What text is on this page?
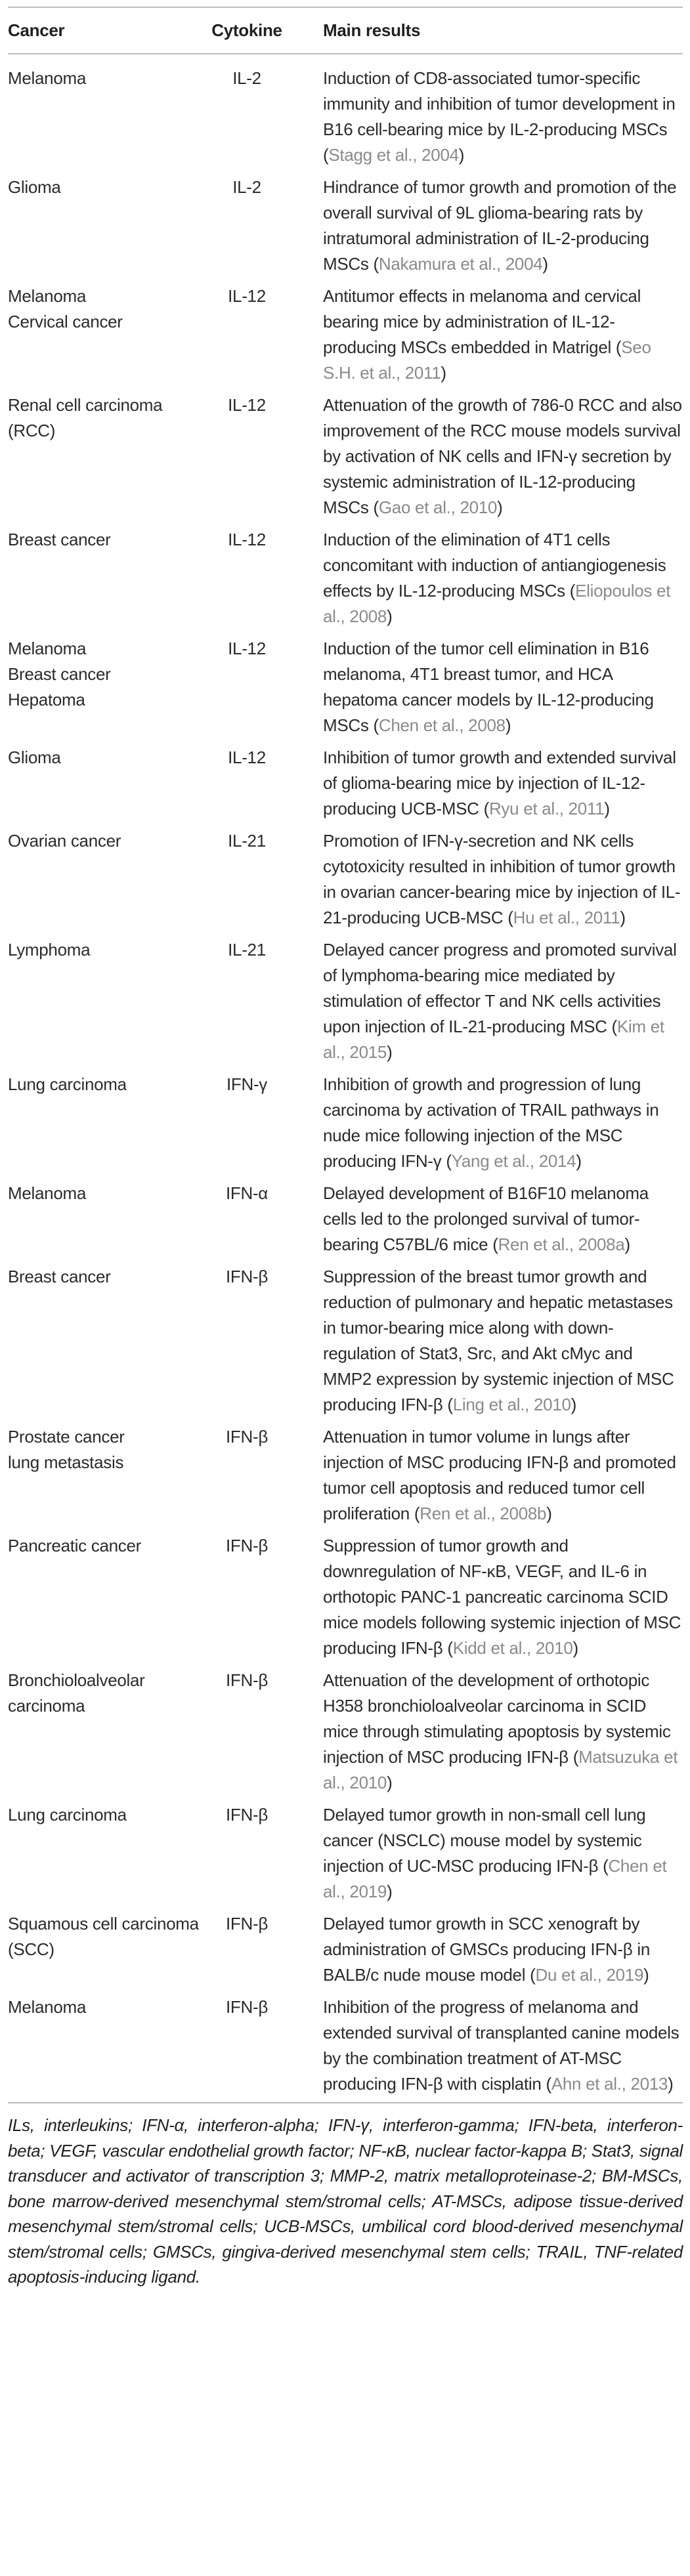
Cancer	Cytokine		Main results

Melanoma	IL-2		Induction of CD8-associated tumor-specific immunity and inhibition of tumor development in B16 cell-bearing mice by IL-2-producing MSCs (Stagg et al., 2004)

Glioma	IL-2		Hindrance of tumor growth and promotion of the overall survival of 9L glioma-bearing rats by intratumoral administration of IL-2-producing MSCs (Nakamura et al., 2004)

Melanoma
Cervical cancer	IL-12		Antitumor effects in melanoma and cervical bearing mice by administration of IL-12-producing MSCs embedded in Matrigel (Seo S.H. et al., 2011)

Renal cell carcinoma (RCC)	IL-12		Attenuation of the growth of 786-0 RCC and also improvement of the RCC mouse models survival by activation of NK cells and IFN-γ secretion by systemic administration of IL-12-producing MSCs (Gao et al., 2010)

Breast cancer	IL-12		Induction of the elimination of 4T1 cells concomitant with induction of antiangiogenesis effects by IL-12-producing MSCs (Eliopoulos et al., 2008)

Melanoma
Breast cancer
Hepatoma	IL-12		Induction of the tumor cell elimination in B16 melanoma, 4T1 breast tumor, and HCA hepatoma cancer models by IL-12-producing MSCs (Chen et al., 2008)

Glioma	IL-12		Inhibition of tumor growth and extended survival of glioma-bearing mice by injection of IL-12-producing UCB-MSC (Ryu et al., 2011)

Ovarian cancer	IL-21		Promotion of IFN-γ-secretion and NK cells cytotoxicity resulted in inhibition of tumor growth in ovarian cancer-bearing mice by injection of IL-21-producing UCB-MSC (Hu et al., 2011)

Lymphoma	IL-21		Delayed cancer progress and promoted survival of lymphoma-bearing mice mediated by stimulation of effector T and NK cells activities upon injection of IL-21-producing MSC (Kim et al., 2015)

Lung carcinoma	IFN-γ		Inhibition of growth and progression of lung carcinoma by activation of TRAIL pathways in nude mice following injection of the MSC producing IFN-γ (Yang et al., 2014)

Melanoma	IFN-α		Delayed development of B16F10 melanoma cells led to the prolonged survival of tumor-bearing C57BL/6 mice (Ren et al., 2008a)

Breast cancer	IFN-β		Suppression of the breast tumor growth and reduction of pulmonary and hepatic metastases in tumor-bearing mice along with down-regulation of Stat3, Src, and Akt cMyc and MMP2 expression by systemic injection of MSC producing IFN-β (Ling et al., 2010)

Prostate cancer
lung metastasis	IFN-β		Attenuation in tumor volume in lungs after injection of MSC producing IFN-β and promoted tumor cell apoptosis and reduced tumor cell proliferation (Ren et al., 2008b)

Pancreatic cancer	IFN-β		Suppression of tumor growth and downregulation of NF-κB, VEGF, and IL-6 in orthotopic PANC-1 pancreatic carcinoma SCID mice models following systemic injection of MSC producing IFN-β (Kidd et al., 2010)

Bronchioloalveolar carcinoma	IFN-β		Attenuation of the development of orthotopic H358 bronchioloalveolar carcinoma in SCID mice through stimulating apoptosis by systemic injection of MSC producing IFN-β (Matsuzuka et al., 2010)

Lung carcinoma	IFN-β		Delayed tumor growth in non-small cell lung cancer (NSCLC) mouse model by systemic injection of UC-MSC producing IFN-β (Chen et al., 2019)

Squamous cell carcinoma (SCC)	IFN-β		Delayed tumor growth in SCC xenograft by administration of GMSCs producing IFN-β in BALB/c nude mouse model (Du et al., 2019)

Melanoma	IFN-β		Inhibition of the progress of melanoma and extended survival of transplanted canine models by the combination treatment of AT-MSC producing IFN-β with cisplatin (Ahn et al., 2013)

ILs, interleukins; IFN-α, interferon-alpha; IFN-γ, interferon-gamma; IFN-beta, interferon-beta; VEGF, vascular endothelial growth factor; NF-κB, nuclear factor-kappa B; Stat3, signal transducer and activator of transcription 3; MMP-2, matrix metalloproteinase-2; BM-MSCs, bone marrow-derived mesenchymal stem/stromal cells; AT-MSCs, adipose tissue-derived mesenchymal stem/stromal cells; UCB-MSCs, umbilical cord blood-derived mesenchymal stem/stromal cells; GMSCs, gingiva-derived mesenchymal stem cells; TRAIL, TNF-related apoptosis-inducing ligand.
